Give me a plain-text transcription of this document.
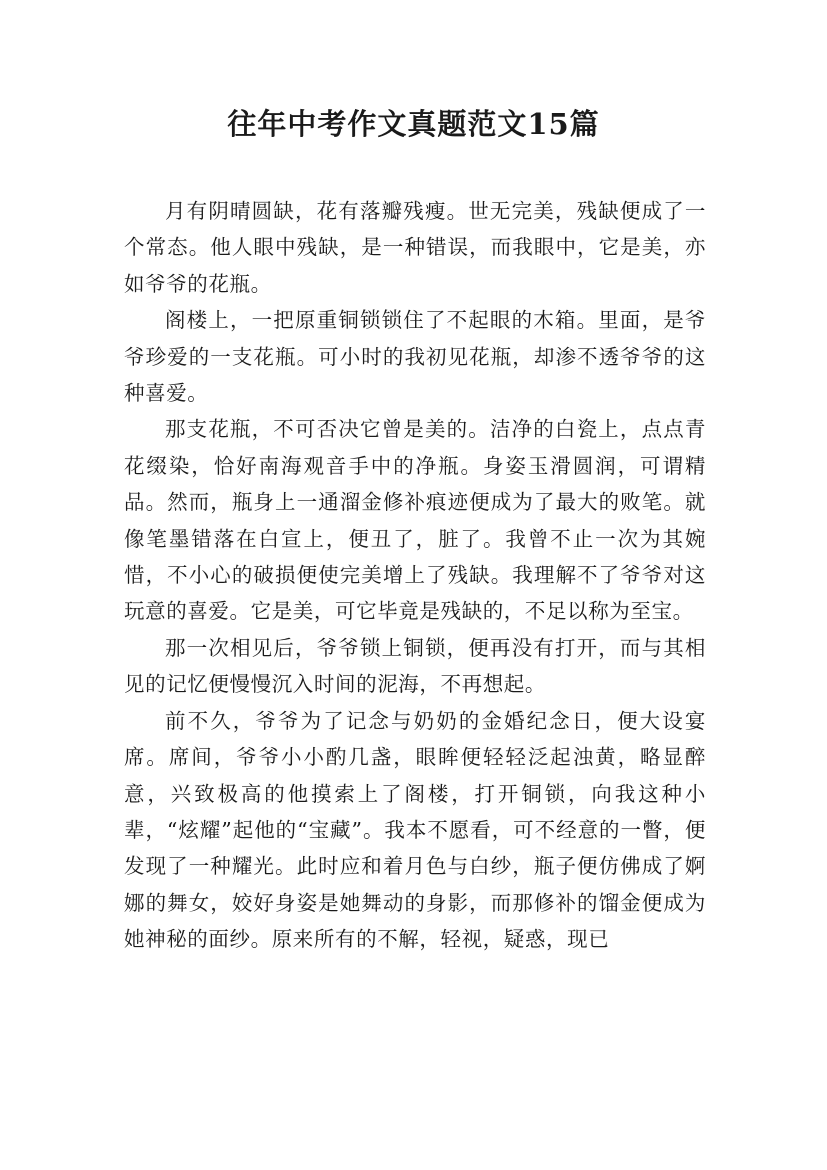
往年中考作文真题范文15篇

月有阴晴圆缺，花有落瓣残瘦。世无完美，残缺便成了一个常态。他人眼中残缺，是一种错误，而我眼中，它是美，亦如爷爷的花瓶。

阁楼上，一把原重铜锁锁住了不起眼的木箱。里面，是爷爷珍爱的一支花瓶。可小时的我初见花瓶，却渗不透爷爷的这种喜爱。

那支花瓶，不可否决它曾是美的。洁净的白瓷上，点点青花缀染，恰好南海观音手中的净瓶。身姿玉滑圆润，可谓精品。然而，瓶身上一通溜金修补痕迹便成为了最大的败笔。就像笔墨错落在白宣上，便丑了，脏了。我曾不止一次为其婉惜，不小心的破损便使完美增上了残缺。我理解不了爷爷对这玩意的喜爱。它是美，可它毕竟是残缺的，不足以称为至宝。

那一次相见后，爷爷锁上铜锁，便再没有打开，而与其相见的记忆便慢慢沉入时间的泥海，不再想起。

前不久，爷爷为了记念与奶奶的金婚纪念日，便大设宴席。席间，爷爷小小酌几盏，眼眸便轻轻泛起浊黄，略显醉意，兴致极高的他摸索上了阁楼，打开铜锁，向我这种小辈，“炫耀”起他的“宝藏”。我本不愿看，可不经意的一瞥，便发现了一种耀光。此时应和着月色与白纱，瓶子便仿佛成了婀娜的舞女，姣好身姿是她舞动的身影，而那修补的馏金便成为她神秘的面纱。原来所有的不解，轻视，疑惑，现已
